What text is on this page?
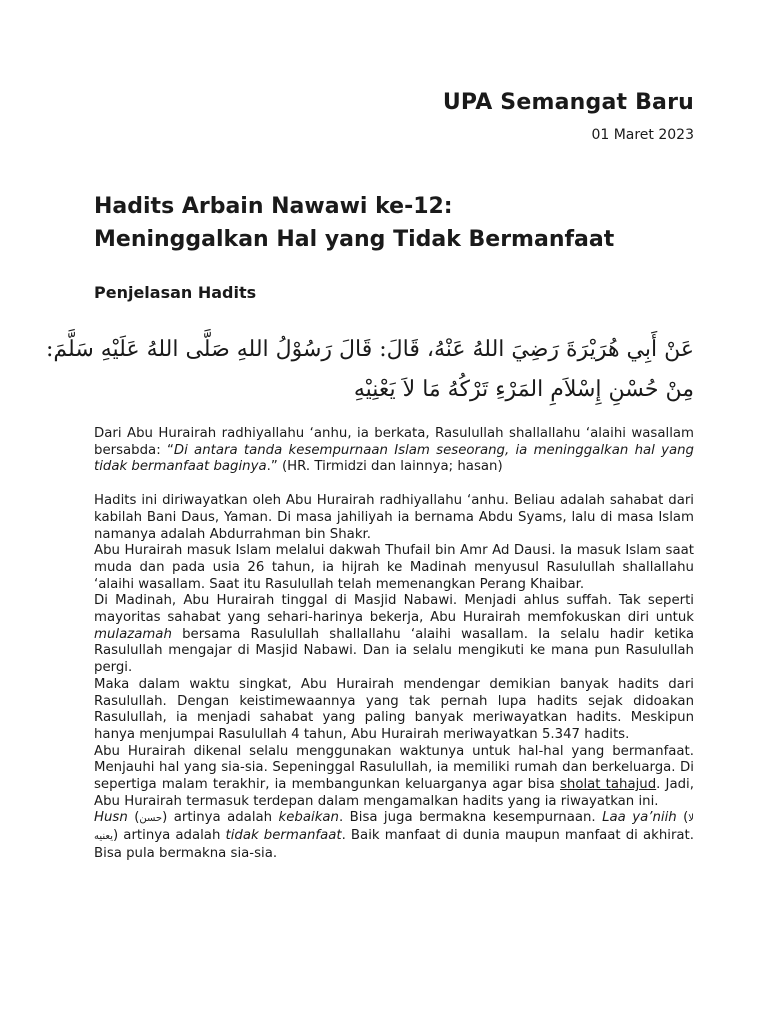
UPA Semangat Baru
01 Maret 2023
Hadits Arbain Nawawi ke-12:
Meninggalkan Hal yang Tidak Bermanfaat
Penjelasan Hadits
عَنْ أَبِي هُرَيْرَةَ رَضِيَ اللهُ عَنْهُ، قَالَ: قَالَ رَسُوْلُ اللهِ صَلَّى اللهُ عَلَيْهِ سَلَّمَ:
مِنْ حُسْنِ إِسْلاَمِ المَرْءِ تَرْكُهُ مَا لاَ يَعْنِيْهِ

Dari Abu Hurairah radhiyallahu ‘anhu, ia berkata, Rasulullah shallallahu ‘alaihi wasallam bersabda: “Di antara tanda kesempurnaan Islam seseorang, ia meninggalkan hal yang tidak bermanfaat baginya.” (HR. Tirmidzi dan lainnya; hasan)

Hadits ini diriwayatkan oleh Abu Hurairah radhiyallahu ‘anhu. Beliau adalah sahabat dari kabilah Bani Daus, Yaman. Di masa jahiliyah ia bernama Abdu Syams, lalu di masa Islam namanya adalah Abdurrahman bin Shakr.

Abu Hurairah masuk Islam melalui dakwah Thufail bin Amr Ad Dausi. Ia masuk Islam saat muda dan pada usia 26 tahun, ia hijrah ke Madinah menyusul Rasulullah shallallahu ‘alaihi wasallam. Saat itu Rasulullah telah memenangkan Perang Khaibar.

Di Madinah, Abu Hurairah tinggal di Masjid Nabawi. Menjadi ahlus suffah. Tak seperti mayoritas sahabat yang sehari-harinya bekerja, Abu Hurairah memfokuskan diri untuk mulazamah bersama Rasulullah shallallahu ‘alaihi wasallam. Ia selalu hadir ketika Rasulullah mengajar di Masjid Nabawi. Dan ia selalu mengikuti ke mana pun Rasulullah pergi.

Maka dalam waktu singkat, Abu Hurairah mendengar demikian banyak hadits dari Rasulullah. Dengan keistimewaannya yang tak pernah lupa hadits sejak didoakan Rasulullah, ia menjadi sahabat yang paling banyak meriwayatkan hadits. Meskipun hanya menjumpai Rasulullah 4 tahun, Abu Hurairah meriwayatkan 5.347 hadits.

Abu Hurairah dikenal selalu menggunakan waktunya untuk hal-hal yang bermanfaat. Menjauhi hal yang sia-sia. Sepeninggal Rasulullah, ia memiliki rumah dan berkeluarga. Di sepertiga malam terakhir, ia membangunkan keluarganya agar bisa sholat tahajud. Jadi, Abu Hurairah termasuk terdepan dalam mengamalkan hadits yang ia riwayatkan ini.

Husn (حسن) artinya adalah kebaikan. Bisa juga bermakna kesempurnaan. Laa ya’niih (لا يعنيه) artinya adalah tidak bermanfaat. Baik manfaat di dunia maupun manfaat di akhirat. Bisa pula bermakna sia-sia.
